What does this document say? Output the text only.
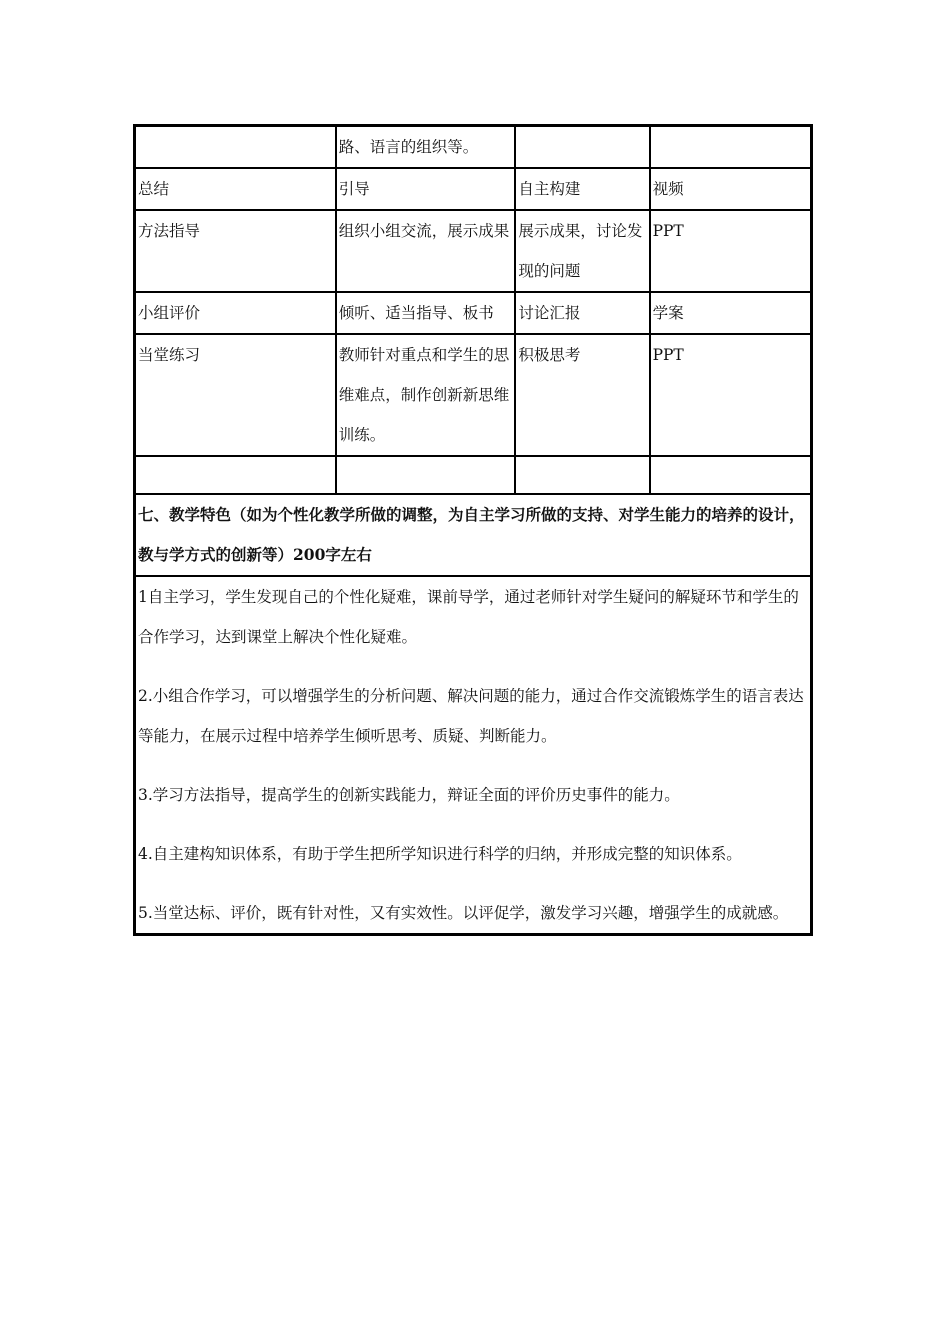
	路、语言的组织等。		
总结	引导	自主构建	视频
方法指导	组织小组交流，展示成果	展示成果，讨论发现的问题	PPT
小组评价	倾听、适当指导、板书	讨论汇报	学案
当堂练习	教师针对重点和学生的思维难点，制作创新新思维训练。	积极思考	PPT

七、教学特色（如为个性化教学所做的调整，为自主学习所做的支持、对学生能力的培养的设计，教与学方式的创新等）200字左右			

1自主学习，学生发现自己的个性化疑难，课前导学，通过老师针对学生疑问的解疑环节和学生的合作学习，达到课堂上解决个性化疑难。

2.小组合作学习，可以增强学生的分析问题、解决问题的能力，通过合作交流锻炼学生的语言表达等能力，在展示过程中培养学生倾听思考、质疑、判断能力。

3.学习方法指导，提高学生的创新实践能力，辩证全面的评价历史事件的能力。

4.自主建构知识体系，有助于学生把所学知识进行科学的归纳，并形成完整的知识体系。

5.当堂达标、评价，既有针对性，又有实效性。以评促学，激发学习兴趣，增强学生的成就感。			
